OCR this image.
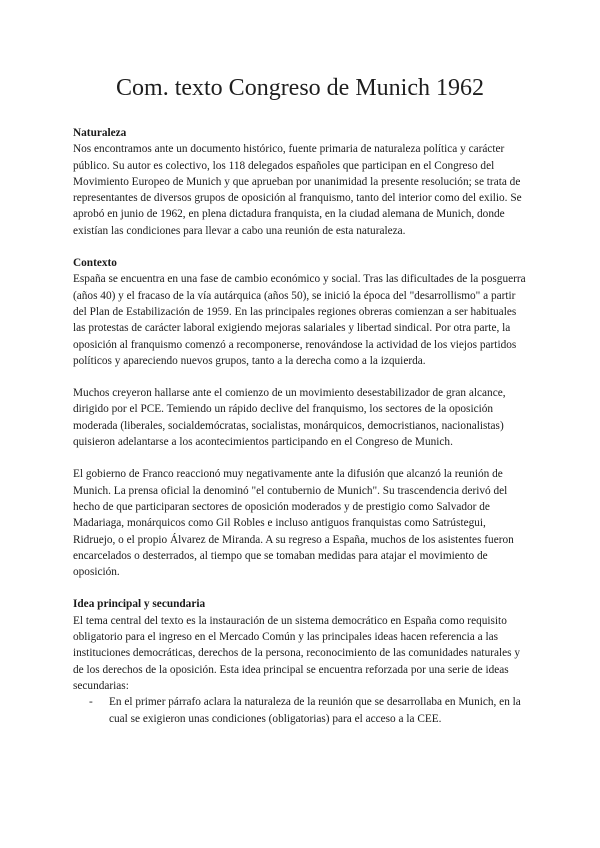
Com. texto Congreso de Munich 1962
Naturaleza

Nos encontramos ante un documento histórico, fuente primaria de naturaleza política y carácter público. Su autor es colectivo, los 118 delegados españoles que participan en el Congreso del Movimiento Europeo de Munich y que aprueban por unanimidad la presente resolución; se trata de representantes de diversos grupos de oposición al franquismo, tanto del interior como del exilio. Se aprobó en junio de 1962, en plena dictadura franquista, en la ciudad alemana de Munich, donde existían las condiciones para llevar a cabo una reunión de esta naturaleza.

Contexto

España se encuentra en una fase de cambio económico y social. Tras las dificultades de la posguerra (años 40) y el fracaso de la vía autárquica (años 50), se inició la época del "desarrollismo" a partir del Plan de Estabilización de 1959. En las principales regiones obreras comienzan a ser habituales las protestas de carácter laboral exigiendo mejoras salariales y libertad sindical. Por otra parte, la oposición al franquismo comenzó a recomponerse, renovándose la actividad de los viejos partidos políticos y apareciendo nuevos grupos, tanto a la derecha como a la izquierda.

Muchos creyeron hallarse ante el comienzo de un movimiento desestabilizador de gran alcance, dirigido por el PCE. Temiendo un rápido declive del franquismo, los sectores de la oposición moderada (liberales, socialdemócratas, socialistas, monárquicos, democristianos, nacionalistas) quisieron adelantarse a los acontecimientos participando en el Congreso de Munich.

El gobierno de Franco reaccionó muy negativamente ante la difusión que alcanzó la reunión de Munich. La prensa oficial la denominó "el contubernio de Munich". Su trascendencia derivó del hecho de que participaran sectores de oposición moderados y de prestigio como Salvador de Madariaga, monárquicos como Gil Robles e incluso antiguos franquistas como Satrústegui, Ridruejo, o el propio Álvarez de Miranda. A su regreso a España, muchos de los asistentes fueron encarcelados o desterrados, al tiempo que se tomaban medidas para atajar el movimiento de oposición.

Idea principal y secundaria

El tema central del texto es la instauración de un sistema democrático en España como requisito obligatorio para el ingreso en el Mercado Común y las principales ideas hacen referencia a las instituciones democráticas, derechos de la persona, reconocimiento de las comunidades naturales y de los derechos de la oposición. Esta idea principal se encuentra reforzada por una serie de ideas secundarias:

- En el primer párrafo aclara la naturaleza de la reunión que se desarrollaba en Munich, en la cual se exigieron unas condiciones (obligatorias) para el acceso a la CEE.
